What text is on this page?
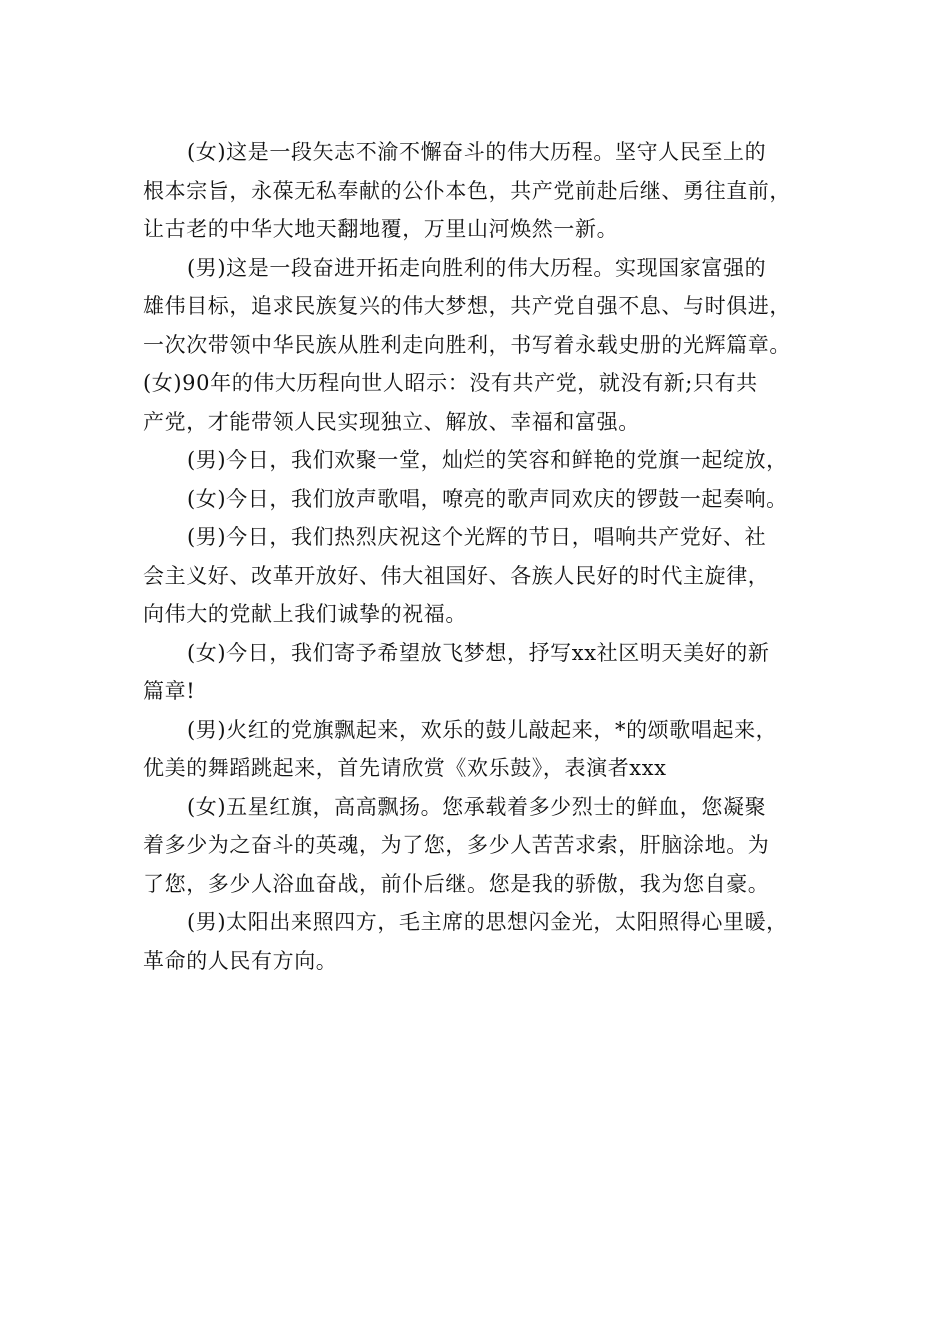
(女)这是一段矢志不渝不懈奋斗的伟大历程。坚守人民至上的
根本宗旨，永葆无私奉献的公仆本色，共产党前赴后继、勇往直前，
让古老的中华大地天翻地覆，万里山河焕然一新。

(男)这是一段奋进开拓走向胜利的伟大历程。实现国家富强的
雄伟目标，追求民族复兴的伟大梦想，共产党自强不息、与时俱进，
一次次带领中华民族从胜利走向胜利，书写着永载史册的光辉篇章。

(女)90年的伟大历程向世人昭示：没有共产党，就没有新;只有共
产党，才能带领人民实现独立、解放、幸福和富强。

(男)今日，我们欢聚一堂，灿烂的笑容和鲜艳的党旗一起绽放，

(女)今日，我们放声歌唱，嘹亮的歌声同欢庆的锣鼓一起奏响。

(男)今日，我们热烈庆祝这个光辉的节日，唱响共产党好、社
会主义好、改革开放好、伟大祖国好、各族人民好的时代主旋律，
向伟大的党献上我们诚挚的祝福。

(女)今日，我们寄予希望放飞梦想，抒写xx社区明天美好的新
篇章!

(男)火红的党旗飘起来，欢乐的鼓儿敲起来，*的颂歌唱起来，
优美的舞蹈跳起来，首先请欣赏《欢乐鼓》，表演者xxx

(女)五星红旗，高高飘扬。您承载着多少烈士的鲜血，您凝聚
着多少为之奋斗的英魂，为了您，多少人苦苦求索，肝脑涂地。为
了您，多少人浴血奋战，前仆后继。您是我的骄傲，我为您自豪。

(男)太阳出来照四方，毛主席的思想闪金光，太阳照得心里暖，
革命的人民有方向。
